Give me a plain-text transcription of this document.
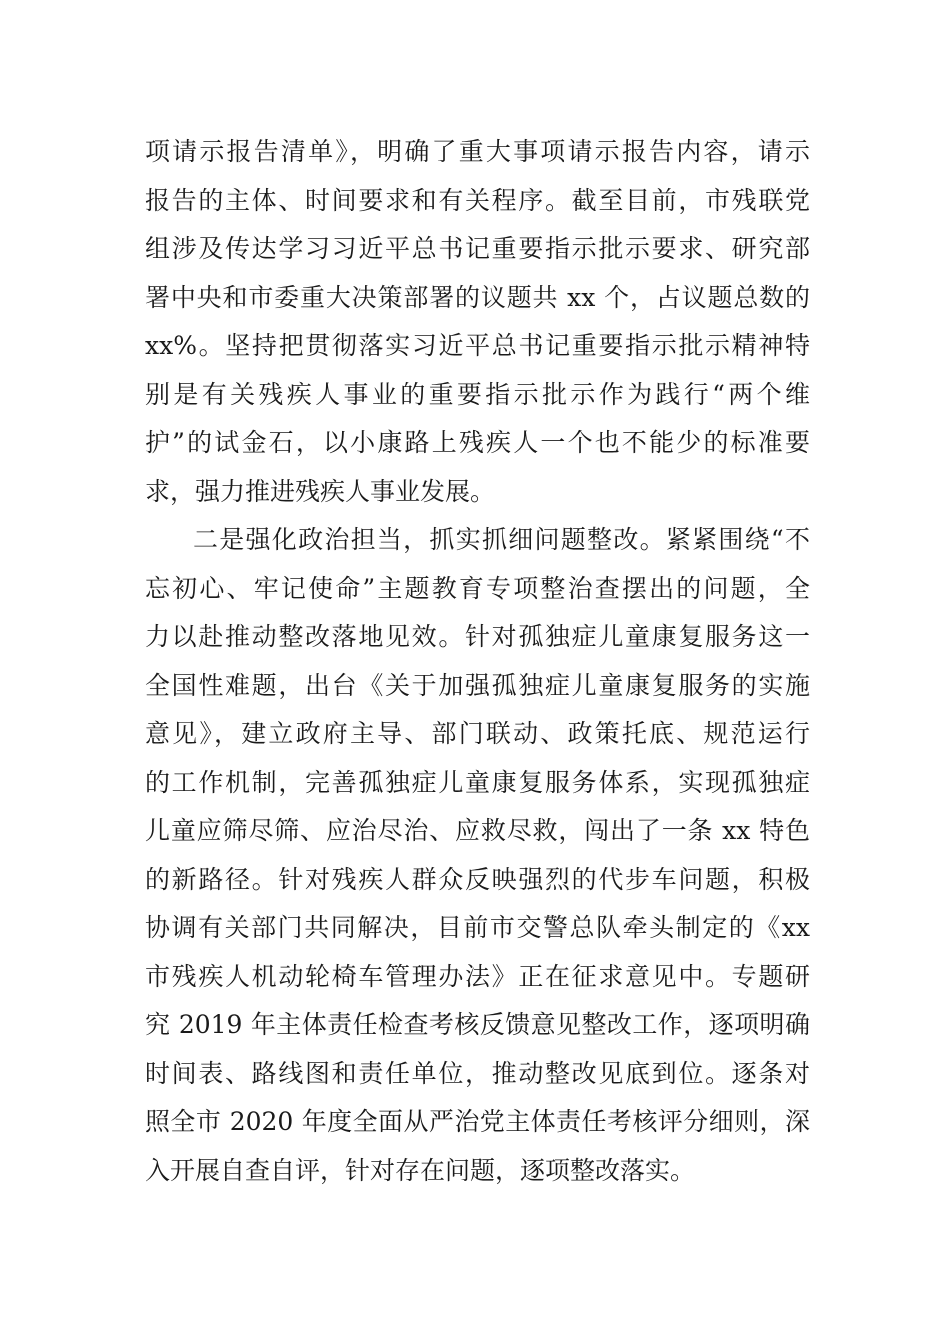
项请示报告清单》，明确了重大事项请示报告内容，请示
报告的主体、时间要求和有关程序。截至目前，市残联党
组涉及传达学习习近平总书记重要指示批示要求、研究部
署中央和市委重大决策部署的议题共 xx 个，占议题总数的
xx%。坚持把贯彻落实习近平总书记重要指示批示精神特
别是有关残疾人事业的重要指示批示作为践行“两个维
护”的试金石，以小康路上残疾人一个也不能少的标准要
求，强力推进残疾人事业发展。
二是强化政治担当，抓实抓细问题整改。紧紧围绕“不
忘初心、牢记使命”主题教育专项整治查摆出的问题，全
力以赴推动整改落地见效。针对孤独症儿童康复服务这一
全国性难题，出台《关于加强孤独症儿童康复服务的实施
意见》，建立政府主导、部门联动、政策托底、规范运行
的工作机制，完善孤独症儿童康复服务体系，实现孤独症
儿童应筛尽筛、应治尽治、应救尽救，闯出了一条 xx 特色
的新路径。针对残疾人群众反映强烈的代步车问题，积极
协调有关部门共同解决，目前市交警总队牵头制定的《xx
市残疾人机动轮椅车管理办法》正在征求意见中。专题研
究 2019 年主体责任检查考核反馈意见整改工作，逐项明确
时间表、路线图和责任单位，推动整改见底到位。逐条对
照全市 2020 年度全面从严治党主体责任考核评分细则，深
入开展自查自评，针对存在问题，逐项整改落实。
